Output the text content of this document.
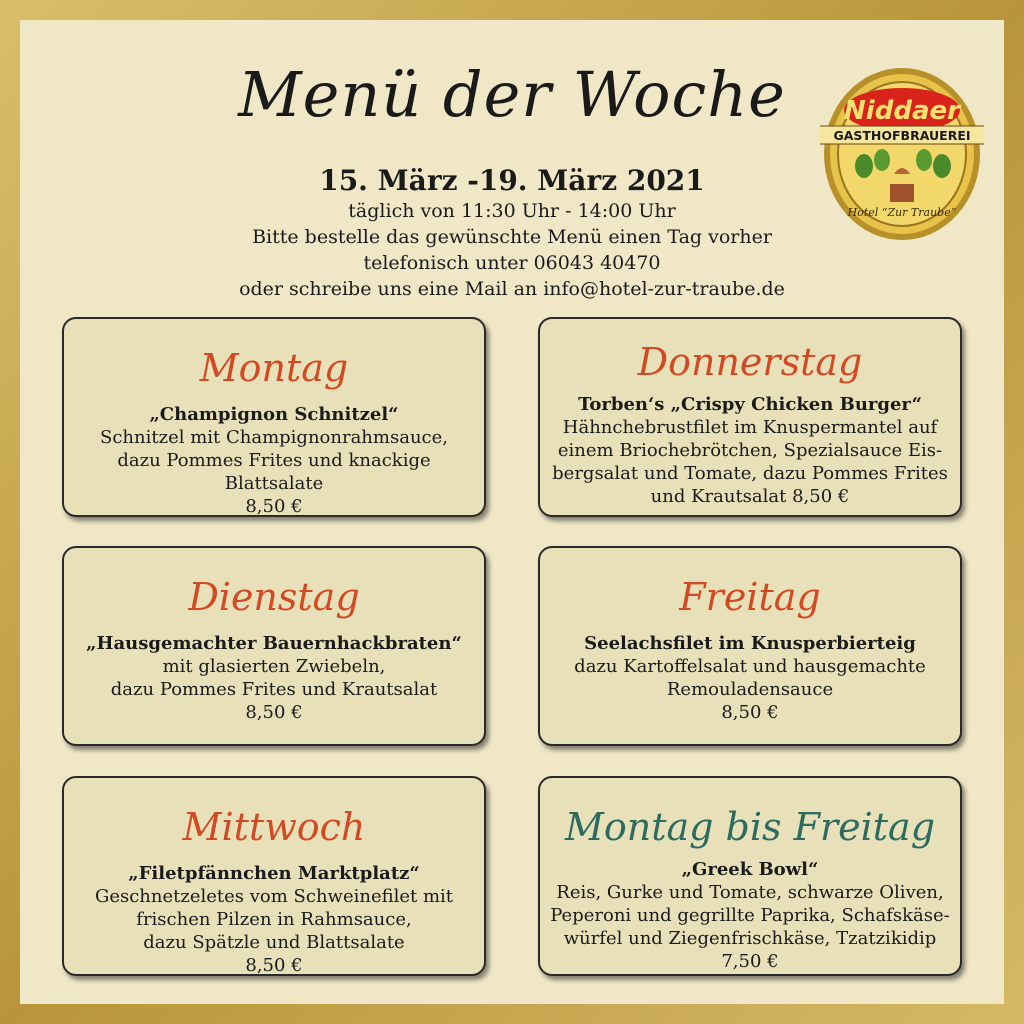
Menü der Woche
15. März -19. März 2021
täglich von 11:30 Uhr - 14:00 Uhr
Bitte bestelle das gewünschte Menü einen Tag vorher
telefonisch unter 06043 40470
oder schreibe uns eine Mail an info@hotel-zur-traube.de
Niddaer
GASTHOFBRAUEREI
Hotel “Zur Traube”
Montag
„Champignon Schnitzel“
Schnitzel mit Champignonrahmsauce,
dazu Pommes Frites und knackige Blattsalate
8,50 €
Donnerstag
Torben‘s „Crispy Chicken Burger“
Hähnchebrustfilet im Knuspermantel auf
einem Briochebrötchen, Spezialsauce Eis-
bergsalat und Tomate, dazu Pommes Frites
und Krautsalat 8,50 €
Dienstag
„Hausgemachter Bauernhackbraten“
mit glasierten Zwiebeln,
dazu Pommes Frites und Krautsalat
8,50 €
Freitag
Seelachsfilet im Knusperbierteig
dazu Kartoffelsalat und hausgemachte
Remouladensauce
8,50 €
Mittwoch
„Filetpfännchen Marktplatz“
Geschnetzeletes vom Schweinefilet mit
frischen Pilzen in Rahmsauce,
dazu Spätzle und Blattsalate
8,50 €
Montag bis Freitag
„Greek Bowl“
Reis, Gurke und Tomate, schwarze Oliven,
Peperoni und gegrillte Paprika, Schafskäse-
würfel und Ziegenfrischkäse, Tzatzikidip
7,50 €
